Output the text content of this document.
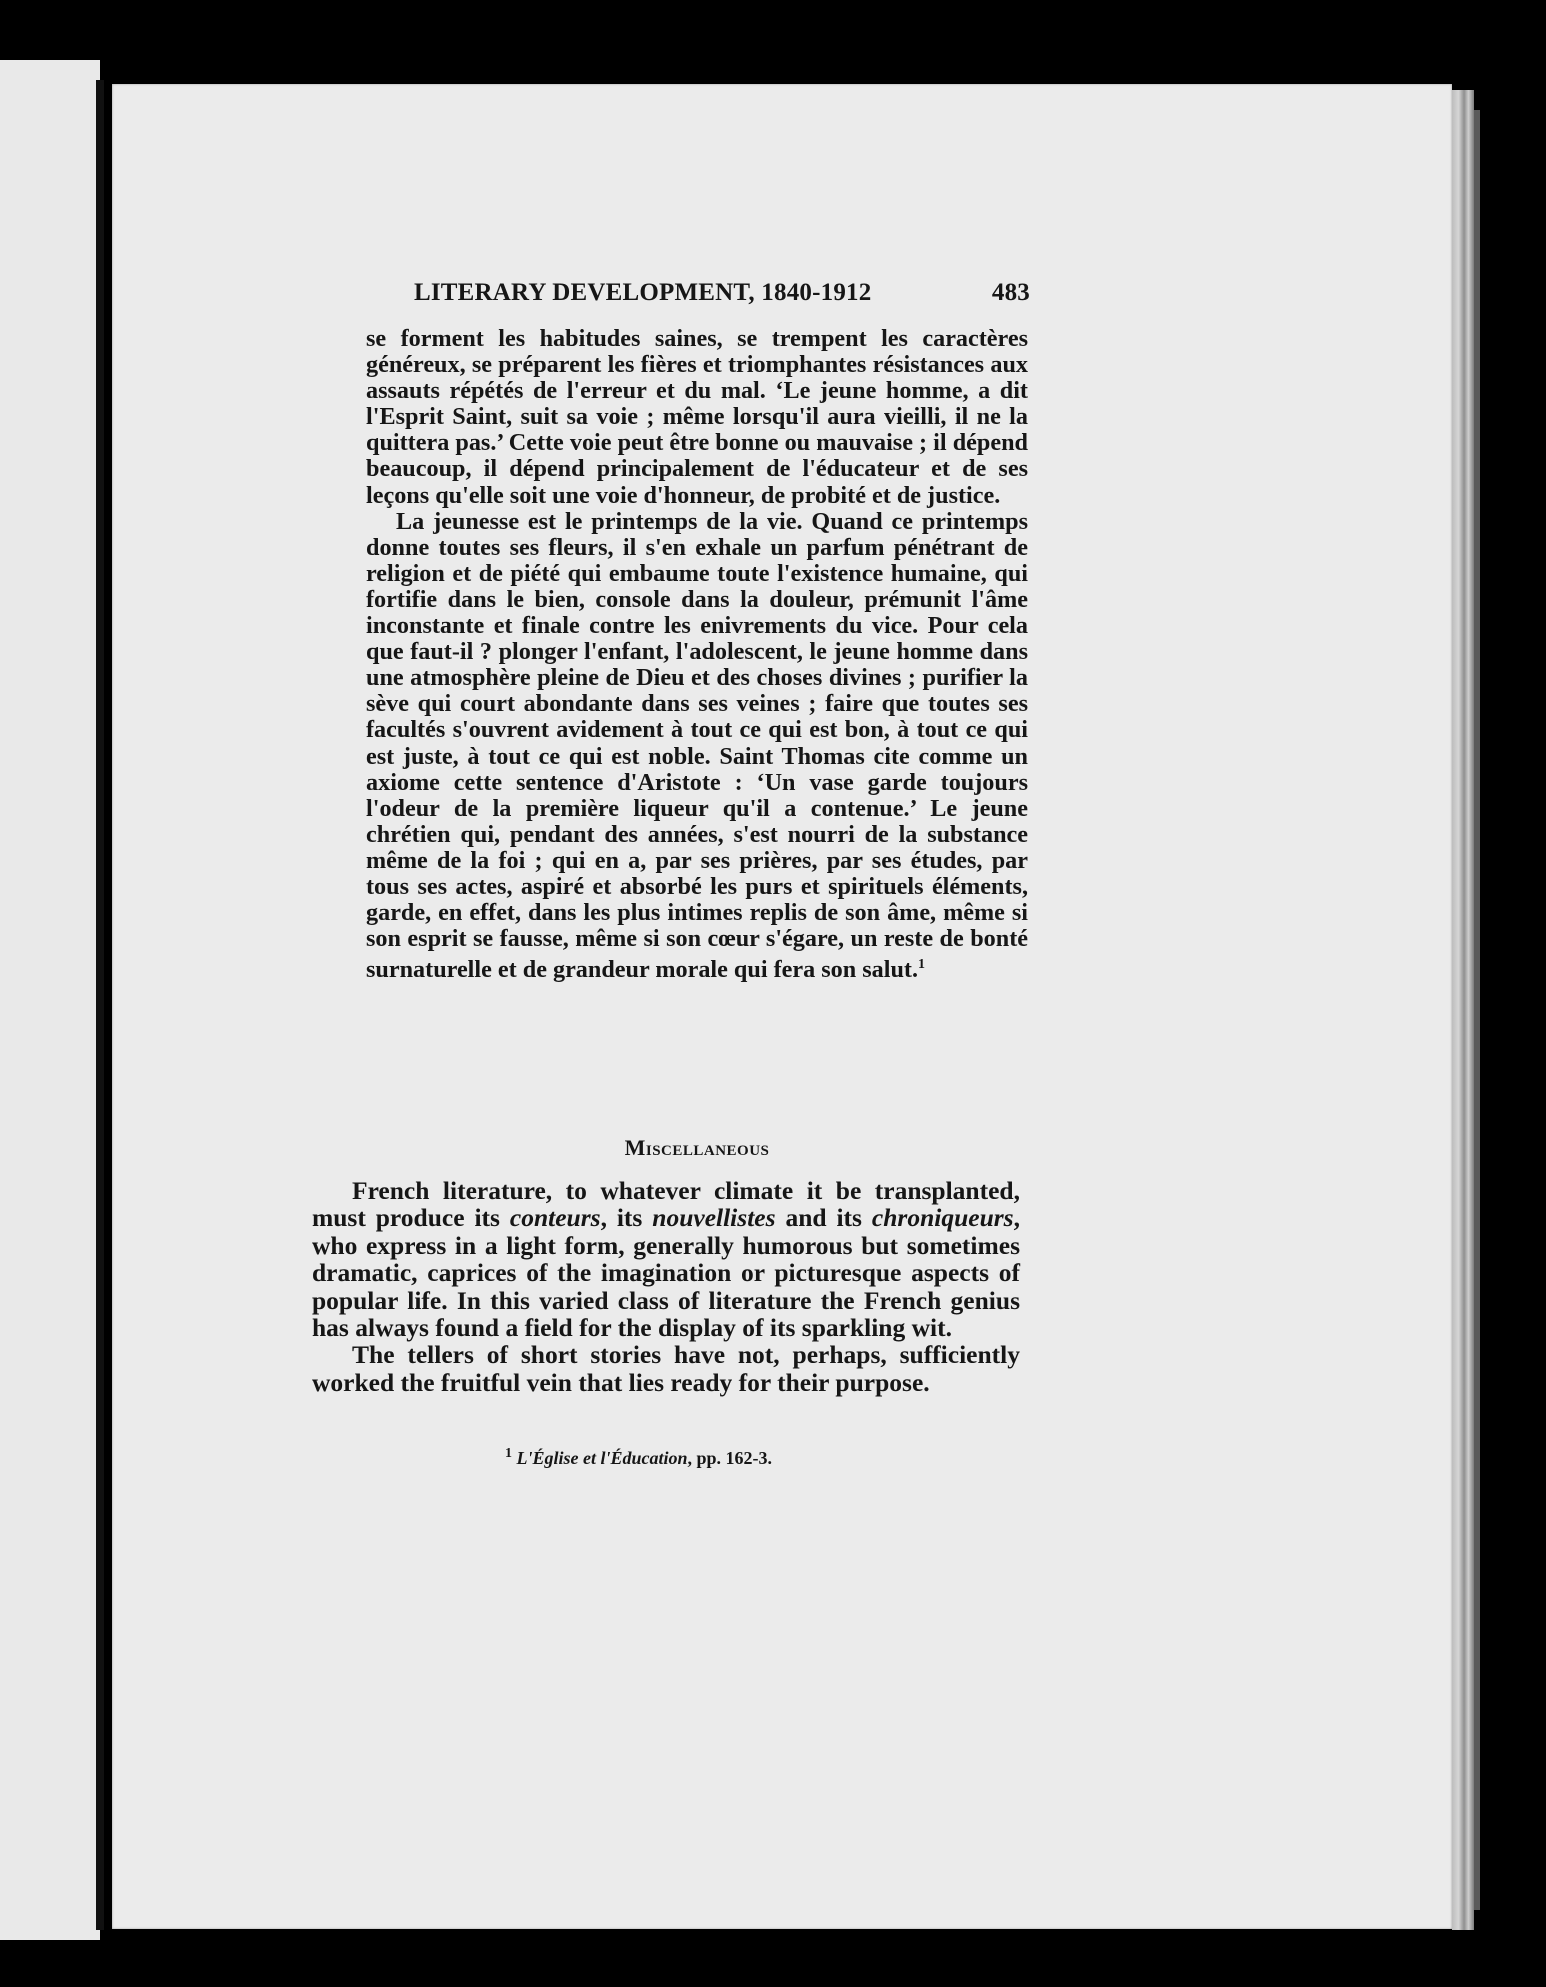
LITERARY DEVELOPMENT, 1840-1912	483

se forment les habitudes saines, se trempent les caractères généreux, se préparent les fières et triomphantes résistances aux assauts répétés de l'erreur et du mal. ‘Le jeune homme, a dit l'Esprit Saint, suit sa voie ; même lorsqu'il aura vieilli, il ne la quittera pas.’ Cette voie peut être bonne ou mauvaise ; il dépend beaucoup, il dépend principalement de l'éducateur et de ses leçons qu'elle soit une voie d'honneur, de probité et de justice.

La jeunesse est le printemps de la vie. Quand ce printemps donne toutes ses fleurs, il s'en exhale un parfum pénétrant de religion et de piété qui embaume toute l'existence humaine, qui fortifie dans le bien, console dans la douleur, prémunit l'âme inconstante et finale contre les enivrements du vice. Pour cela que faut-il ? plonger l'enfant, l'adolescent, le jeune homme dans une atmosphère pleine de Dieu et des choses divines ; purifier la sève qui court abondante dans ses veines ; faire que toutes ses facultés s'ouvrent avidement à tout ce qui est bon, à tout ce qui est juste, à tout ce qui est noble. Saint Thomas cite comme un axiome cette sentence d'Aristote : ‘Un vase garde toujours l'odeur de la première liqueur qu'il a contenue.’ Le jeune chrétien qui, pendant des années, s'est nourri de la substance même de la foi ; qui en a, par ses prières, par ses études, par tous ses actes, aspiré et absorbé les purs et spirituels éléments, garde, en effet, dans les plus intimes replis de son âme, même si son esprit se fausse, même si son cœur s'égare, un reste de bonté surnaturelle et de grandeur morale qui fera son salut.$^1$

Miscellaneous

French literature, to whatever climate it be transplanted, must produce its conteurs, its nouvellistes and its chroniqueurs, who express in a light form, generally humorous but sometimes dramatic, caprices of the imagination or picturesque aspects of popular life. In this varied class of literature the French genius has always found a field for the display of its sparkling wit.

The tellers of short stories have not, perhaps, sufficiently worked the fruitful vein that lies ready for their purpose.

$^1$ L'Église et l'Éducation, pp. 162-3.
